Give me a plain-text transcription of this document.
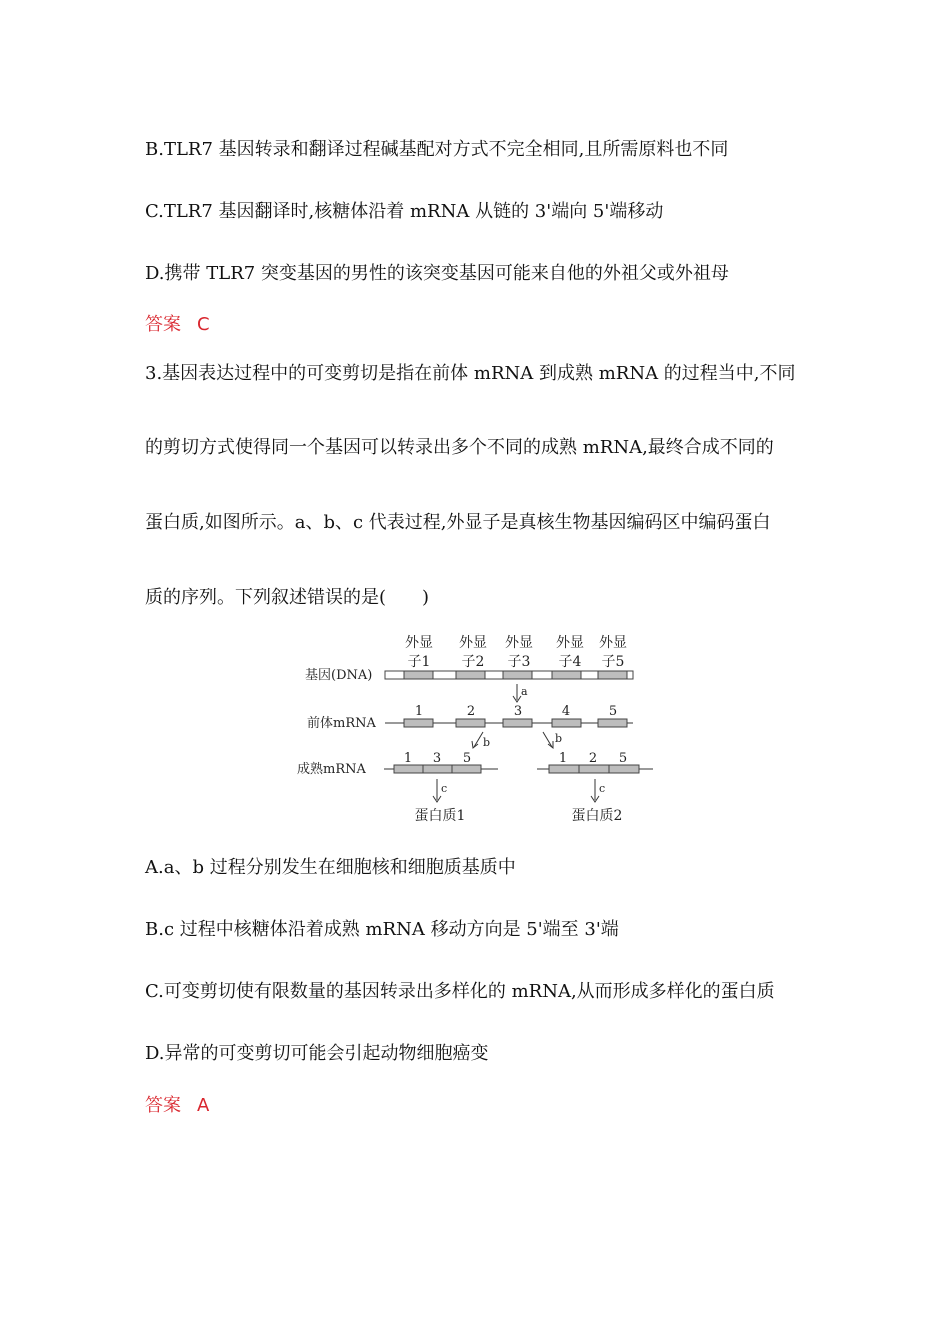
B.TLR7 基因转录和翻译过程碱基配对方式不完全相同,且所需原料也不同
C.TLR7 基因翻译时,核糖体沿着 mRNA 从链的 3'端向 5'端移动
D.携带 TLR7 突变基因的男性的该突变基因可能来自他的外祖父或外祖母
答案 C
3.基因表达过程中的可变剪切是指在前体 mRNA 到成熟 mRNA 的过程当中,不同
的剪切方式使得同一个基因可以转录出多个不同的成熟 mRNA,最终合成不同的
蛋白质,如图所示。a、b、c 代表过程,外显子是真核生物基因编码区中编码蛋白
质的序列。下列叙述错误的是(　　)
外显 外显 外显 外显 外显
子1 子2 子3 子4 子5
基因(DNA)
a
前体mRNA
1	2	3	4	5
b	b
成熟mRNA
1 3 5	1 2 5
c	c
蛋白质1	蛋白质2
A.a、b 过程分别发生在细胞核和细胞质基质中
B.c 过程中核糖体沿着成熟 mRNA 移动方向是 5'端至 3'端
C.可变剪切使有限数量的基因转录出多样化的 mRNA,从而形成多样化的蛋白质
D.异常的可变剪切可能会引起动物细胞癌变
答案 A
